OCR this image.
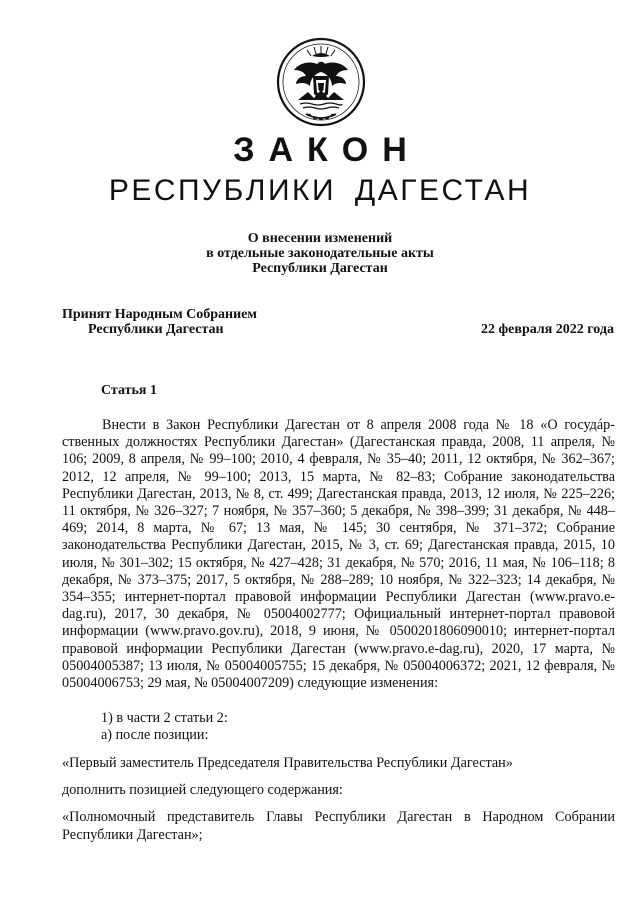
ЗАКОН
РЕСПУБЛИКИ ДАГЕСТАН
О внесении изменений
в отдельные законодательные акты
Республики Дагестан
Принят Народным Собранием
Республики Дагестан	22 февраля 2022 года
Статья 1
Внести в Закон Республики Дагестан от 8 апреля 2008 года № 18 «О госудáрственных должностях Республики Дагестан» (Дагестанская правда, 2008, 11 апреля, № 106; 2009, 8 апреля, № 99–100; 2010, 4 февраля, № 35–40; 2011, 12 октября, № 362–367; 2012, 12 апреля, № 99–100; 2013, 15 марта, № 82–83; Собрание законодательства Республики Дагестан, 2013, № 8, ст. 499; Дагестанская правда, 2013, 12 июля, № 225–226; 11 октября, № 326–327; 7 ноября, № 357–360; 5 декабря, № 398–399; 31 декабря, № 448–469; 2014, 8 марта, № 67; 13 мая, № 145; 30 сентября, № 371–372; Собрание законодательства Республики Дагестан, 2015, № 3, ст. 69; Дагестанская правда, 2015, 10 июля, № 301–302; 15 октября, № 427–428; 31 декабря, № 570; 2016, 11 мая, № 106–118; 8 декабря, № 373–375; 2017, 5 октября, № 288–289; 10 ноября, № 322–323; 14 декабря, № 354–355; интернет-портал правовой информации Республики Дагестан (www.pravo.e-dag.ru), 2017, 30 декабря, № 05004002777; Официальный интернет-портал правовой информации (www.pravo.gov.ru), 2018, 9 июня, № 0500201806090010; интернет-портал правовой информации Республики Дагестан (www.pravo.e-dag.ru), 2020, 17 марта, № 05004005387; 13 июля, № 05004005755; 15 декабря, № 05004006372; 2021, 12 февраля, № 05004006753; 29 мая, № 05004007209) следующие изменения:
1) в части 2 статьи 2:
а) после позиции:
«Первый заместитель Председателя Правительства Республики Дагестан»
дополнить позицией следующего содержания:
«Полномочный представитель Главы Республики Дагестан в Народном Собрании Республики Дагестан»;
